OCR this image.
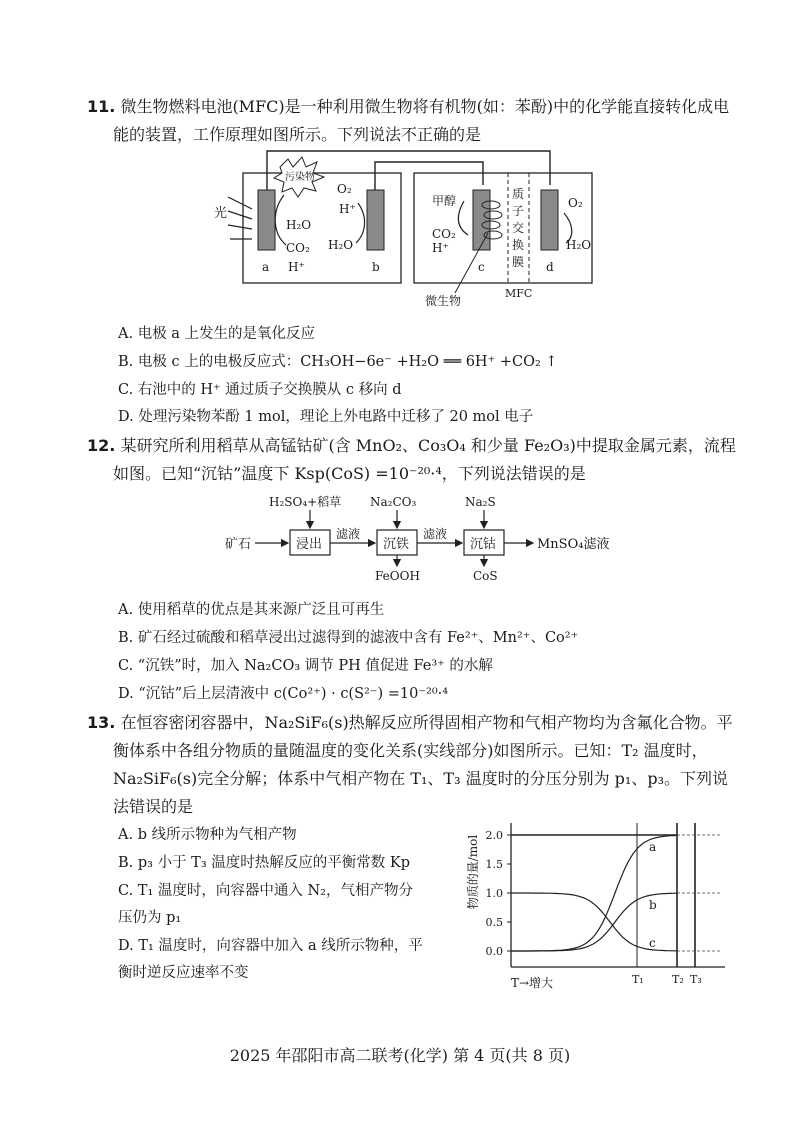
11. 微生物燃料电池(MFC)是一种利用微生物将有机物(如：苯酚)中的化学能直接转化成电
能的装置，工作原理如图所示。下列说法不正确的是
光
污染物
H₂O
CO₂
H⁺
a
O₂
H⁺
H₂O
b
甲醇
CO₂
H⁺
c
微生物
质
子
交
换
膜
MFC
O₂
H₂O
d
A. 电极 a 上发生的是氧化反应
B. 电极 c 上的电极反应式：CH₃OH−6e⁻ +H₂O ══ 6H⁺ +CO₂ ↑
C. 右池中的 H⁺ 通过质子交换膜从 c 移向 d
D. 处理污染物苯酚 1 mol，理论上外电路中迁移了 20 mol 电子
12. 某研究所利用稻草从高锰钴矿(含 MnO₂、Co₃O₄ 和少量 Fe₂O₃)中提取金属元素，流程
如图。已知“沉钴”温度下 Ksp(CoS) =10⁻²⁰·⁴，下列说法错误的是
矿石	浸出
H₂SO₄+稻草
滤液
沉铁
Na₂CO₃
FeOOH
滤液
沉钴
Na₂S
CoS
MnSO₄滤液
A. 使用稻草的优点是其来源广泛且可再生
B. 矿石经过硫酸和稻草浸出过滤得到的滤液中含有 Fe²⁺、Mn²⁺、Co²⁺
C. “沉铁”时，加入 Na₂CO₃ 调节 PH 值促进 Fe³⁺ 的水解
D. “沉钴”后上层清液中 c(Co²⁺) · c(S²⁻) =10⁻²⁰·⁴
13. 在恒容密闭容器中，Na₂SiF₆(s)热解反应所得固相产物和气相产物均为含氟化合物。平
衡体系中各组分物质的量随温度的变化关系(实线部分)如图所示。已知：T₂ 温度时，
Na₂SiF₆(s)完全分解；体系中气相产物在 T₁、T₃ 温度时的分压分别为 p₁、p₃。下列说
法错误的是
A. b 线所示物种为气相产物
B. p₃ 小于 T₃ 温度时热解反应的平衡常数 Kp
C. T₁ 温度时，向容器中通入 N₂，气相产物分
压仍为 p₁
D. T₁ 温度时，向容器中加入 a 线所示物种，平
衡时逆反应速率不变
2.0
1.5
1.0
0.5
0.0
T₁	T₂ T₃
a
b
c
物质的量/mol
T→增大
2025 年邵阳市高二联考(化学) 第 4 页(共 8 页)
